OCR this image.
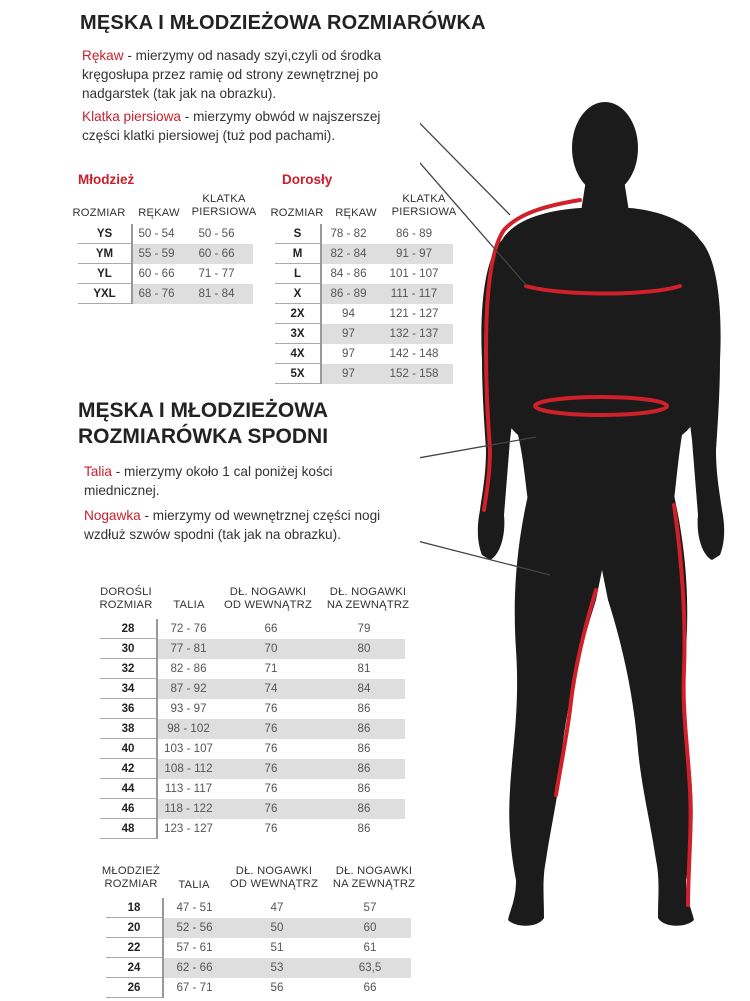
MĘSKA I MŁODZIEŻOWA ROZMIARÓWKA
Rękaw - mierzymy od nasady szyi,czyli od środka
kręgosłupa przez ramię od strony zewnętrznej po
nadgarstek (tak jak na obrazku).
Klatka piersiowa - mierzymy obwód w najszerszej
części klatki piersiowej (tuż pod pachami).
Młodzież
ROZMIAR	RĘKAW
KLATKA
PIERSIOWA
YS	50 - 54	50 - 56
YM	55 - 59	60 - 66
YL	60 - 66	71 - 77
YXL	68 - 76	81 - 84
Dorosły
ROZMIAR	RĘKAW
KLATKA
PIERSIOWA
S	78 - 82	86 - 89
M	82 - 84	91 - 97
L	84 - 86	101 - 107
X	86 - 89	111 - 117
2X	94	121 - 127
3X	97	132 - 137
4X	97	142 - 148
5X	97	152 - 158
MĘSKA I MŁODZIEŻOWA
ROZMIARÓWKA SPODNI
Talia - mierzymy około 1 cal poniżej kości
miednicznej.
Nogawka - mierzymy od wewnętrznej części nogi
wzdłuż szwów spodni (tak jak na obrazku).
DOROŚLI
ROZMIAR	TALIA
DŁ. NOGAWKI
OD WEWNĄTRZ
DŁ. NOGAWKI
NA ZEWNĄTRZ
28	72 - 76	66	79
30	77 - 81	70	80
32	82 - 86	71	81
34	87 - 92	74	84
36	93 - 97	76	86
38	98 - 102	76	86
40	103 - 107	76	86
42	108 - 112	76	86
44	113 - 117	76	86
46	118 - 122	76	86
48	123 - 127	76	86
MŁODZIEŻ
ROZMIAR	TALIA
DŁ. NOGAWKI
OD WEWNĄTRZ
DŁ. NOGAWKI
NA ZEWNĄTRZ
18	47 - 51	47	57
20	52 - 56	50	60
22	57 - 61	51	61
24	62 - 66	53	63,5
26	67 - 71	56	66
